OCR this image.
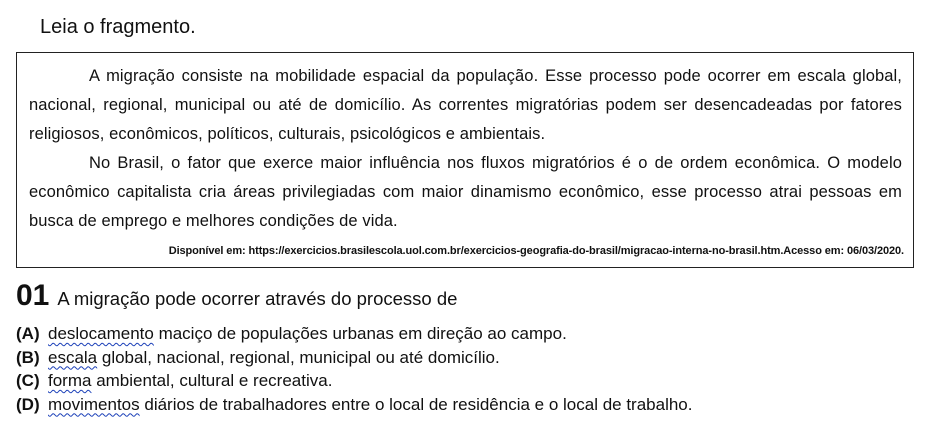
Leia o fragmento.

A migração consiste na mobilidade espacial da população. Esse processo pode ocorrer em escala global, nacional, regional, municipal ou até de domicílio. As correntes migratórias podem ser desencadeadas por fatores religiosos, econômicos, políticos, culturais, psicológicos e ambientais.

No Brasil, o fator que exerce maior influência nos fluxos migratórios é o de ordem econômica. O modelo econômico capitalista cria áreas privilegiadas com maior dinamismo econômico, esse processo atrai pessoas em busca de emprego e melhores condições de vida.

Disponível em: https://exercicios.brasilescola.uol.com.br/exercicios-geografia-do-brasil/migracao-interna-no-brasil.htm.Acesso em: 06/03/2020.
01 A migração pode ocorrer através do processo de
(A) deslocamento maciço de populações urbanas em direção ao campo.
(B) escala global, nacional, regional, municipal ou até domicílio.
(C) forma ambiental, cultural e recreativa.
(D) movimentos diários de trabalhadores entre o local de residência e o local de trabalho.
